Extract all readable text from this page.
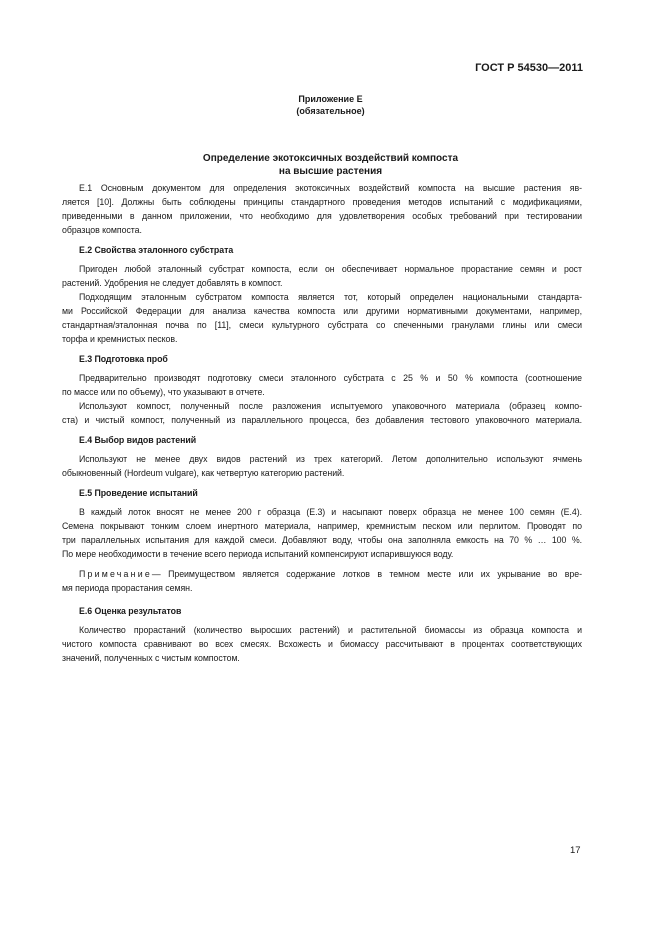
ГОСТ Р 54530—2011
Приложение Е
(обязательное)
Определение экотоксичных воздействий компоста
на высшие растения
Е.1 Основным документом для определения экотоксичных воздействий компоста на высшие растения яв-
ляется [10]. Должны быть соблюдены принципы стандартного проведения методов испытаний с модификациями,
приведенными в данном приложении, что необходимо для удовлетворения особых требований при тестировании
образцов компоста.
Е.2 Свойства эталонного субстрата
Пригоден любой эталонный субстрат компоста, если он обеспечивает нормальное прорастание семян и рост
растений. Удобрения не следует добавлять в компост.
Подходящим эталонным субстратом компоста является тот, который определен национальными стандарта-
ми Российской Федерации для анализа качества компоста или другими нормативными документами, например,
стандартная/эталонная почва по [11], смеси культурного субстрата со спеченными гранулами глины или смеси
торфа и кремнистых песков.
Е.3 Подготовка проб
Предварительно производят подготовку смеси эталонного субстрата с 25 % и 50 % компоста (соотношение
по массе или по объему), что указывают в отчете.
Используют компост, полученный после разложения испытуемого упаковочного материала (образец компо-
ста) и чистый компост, полученный из параллельного процесса, без добавления тестового упаковочного материала.
Е.4 Выбор видов растений
Используют не менее двух видов растений из трех категорий. Летом дополнительно используют ячмень
обыкновенный (Hordeum vulgare), как четвертую категорию растений.
Е.5 Проведение испытаний
В каждый лоток вносят не менее 200 г образца (Е.3) и насыпают поверх образца не менее 100 семян (Е.4).
Семена покрывают тонким слоем инертного материала, например, кремнистым песком или перлитом. Проводят по
три параллельных испытания для каждой смеси. Добавляют воду, чтобы она заполняла емкость на 70 % … 100 %.
По мере необходимости в течение всего периода испытаний компенсируют испарившуюся воду.
Примечание — Преимуществом является содержание лотков в темном месте или их укрывание во вре-
мя периода прорастания семян.
Е.6 Оценка результатов
Количество прорастаний (количество выросших растений) и растительной биомассы из образца компоста и
чистого компоста сравнивают во всех смесях. Всхожесть и биомассу рассчитывают в процентах соответствующих
значений, полученных с чистым компостом.
17
